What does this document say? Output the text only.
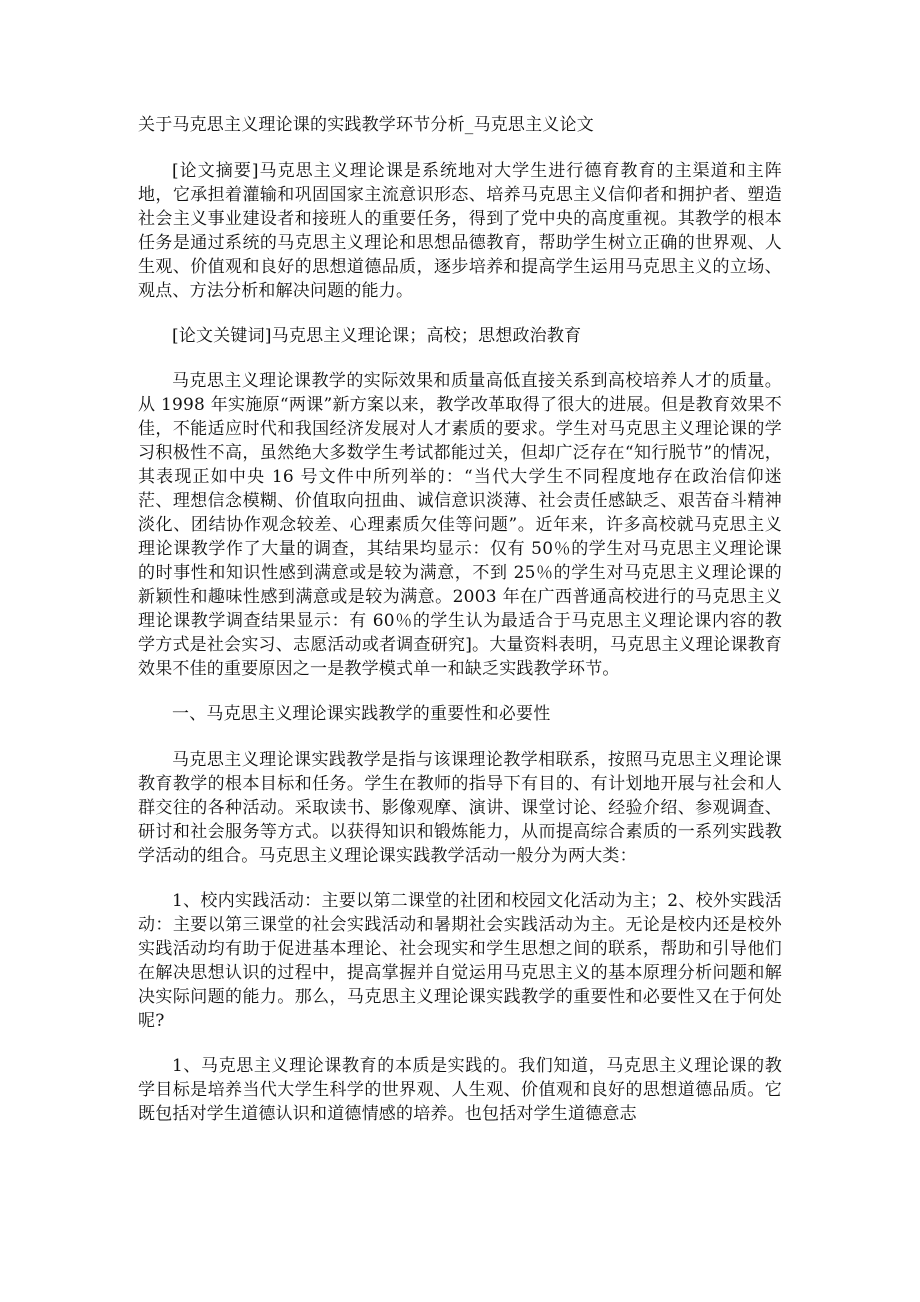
关于马克思主义理论课的实践教学环节分析_马克思主义论文

[论文摘要]马克思主义理论课是系统地对大学生进行德育教育的主渠道和主阵地，它承担着灌输和巩固国家主流意识形态、培养马克思主义信仰者和拥护者、塑造社会主义事业建设者和接班人的重要任务，得到了党中央的高度重视。其教学的根本任务是通过系统的马克思主义理论和思想品德教育，帮助学生树立正确的世界观、人生观、价值观和良好的思想道德品质，逐步培养和提高学生运用马克思主义的立场、观点、方法分析和解决问题的能力。

[论文关键词]马克思主义理论课；高校；思想政治教育

马克思主义理论课教学的实际效果和质量高低直接关系到高校培养人才的质量。从 1998 年实施原“两课”新方案以来，教学改革取得了很大的进展。但是教育效果不佳，不能适应时代和我国经济发展对人才素质的要求。学生对马克思主义理论课的学习积极性不高，虽然绝大多数学生考试都能过关，但却广泛存在“知行脱节”的情况，其表现正如中央 16 号文件中所列举的：“当代大学生不同程度地存在政治信仰迷茫、理想信念模糊、价值取向扭曲、诚信意识淡薄、社会责任感缺乏、艰苦奋斗精神淡化、团结协作观念较差、心理素质欠佳等问题”。近年来，许多高校就马克思主义理论课教学作了大量的调查，其结果均显示：仅有 50％的学生对马克思主义理论课的时事性和知识性感到满意或是较为满意，不到 25％的学生对马克思主义理论课的新颖性和趣味性感到满意或是较为满意。2003 年在广西普通高校进行的马克思主义理论课教学调查结果显示：有 60％的学生认为最适合于马克思主义理论课内容的教学方式是社会实习、志愿活动或者调查研究]。大量资料表明，马克思主义理论课教育效果不佳的重要原因之一是教学模式单一和缺乏实践教学环节。

一、马克思主义理论课实践教学的重要性和必要性

马克思主义理论课实践教学是指与该课理论教学相联系，按照马克思主义理论课教育教学的根本目标和任务。学生在教师的指导下有目的、有计划地开展与社会和人群交往的各种活动。采取读书、影像观摩、演讲、课堂讨论、经验介绍、参观调查、研讨和社会服务等方式。以获得知识和锻炼能力，从而提高综合素质的一系列实践教学活动的组合。马克思主义理论课实践教学活动一般分为两大类：

1、校内实践活动：主要以第二课堂的社团和校园文化活动为主；2、校外实践活动：主要以第三课堂的社会实践活动和暑期社会实践活动为主。无论是校内还是校外实践活动均有助于促进基本理论、社会现实和学生思想之间的联系，帮助和引导他们在解决思想认识的过程中，提高掌握并自觉运用马克思主义的基本原理分析问题和解决实际问题的能力。那么，马克思主义理论课实践教学的重要性和必要性又在于何处呢?

1、马克思主义理论课教育的本质是实践的。我们知道，马克思主义理论课的教学目标是培养当代大学生科学的世界观、人生观、价值观和良好的思想道德品质。它既包括对学生道德认识和道德情感的培养。也包括对学生道德意志
